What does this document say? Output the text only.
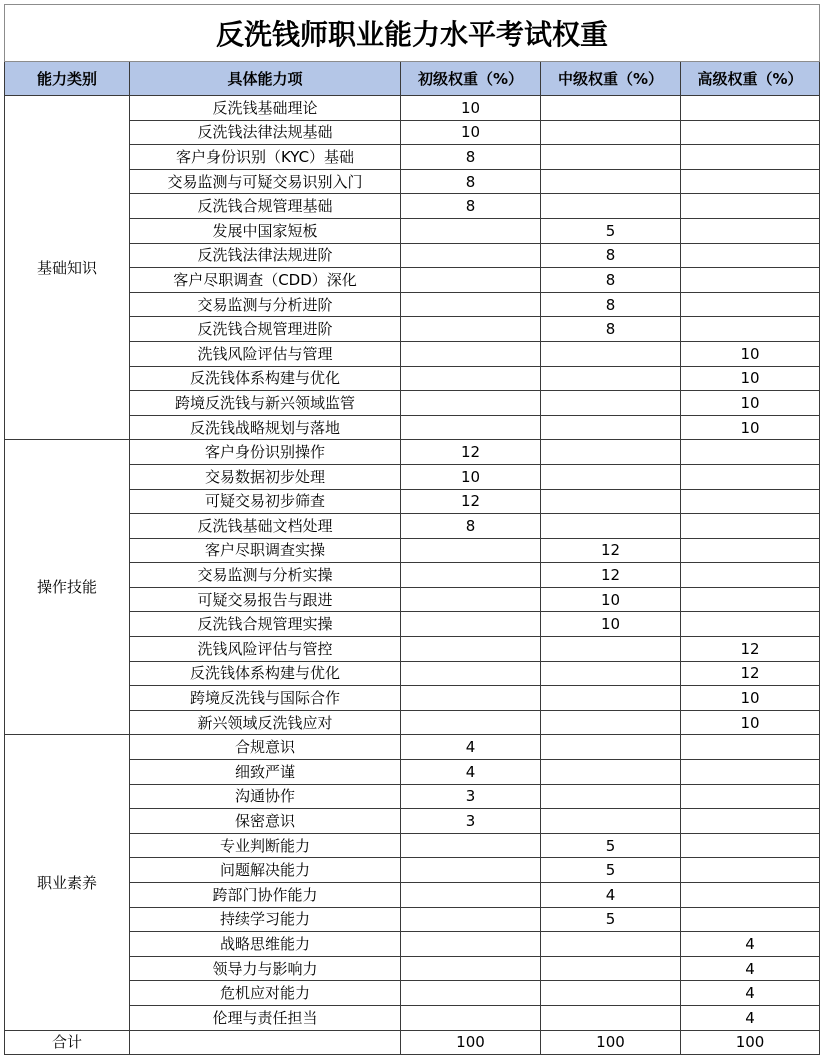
反洗钱师职业能力水平考试权重				
能力类别	具体能力项	初级权重（%）	中级权重（%）	高级权重（%）
基础知识	反洗钱基础理论	10		
	反洗钱法律法规基础	10		
	客户身份识别（KYC）基础	8		
	交易监测与可疑交易识别入门	8		
	反洗钱合规管理基础	8		
	发展中国家短板		5	
	反洗钱法律法规进阶		8	
	客户尽职调查（CDD）深化		8	
	交易监测与分析进阶		8	
	反洗钱合规管理进阶		8	
	洗钱风险评估与管理			10
	反洗钱体系构建与优化			10
	跨境反洗钱与新兴领域监管			10
	反洗钱战略规划与落地			10
操作技能	客户身份识别操作	12		
	交易数据初步处理	10		
	可疑交易初步筛查	12		
	反洗钱基础文档处理	8		
	客户尽职调查实操		12	
	交易监测与分析实操		12	
	可疑交易报告与跟进		10	
	反洗钱合规管理实操		10	
	洗钱风险评估与管控			12
	反洗钱体系构建与优化			12
	跨境反洗钱与国际合作			10
	新兴领域反洗钱应对			10
职业素养	合规意识	4		
	细致严谨	4		
	沟通协作	3		
	保密意识	3		
	专业判断能力		5	
	问题解决能力		5	
	跨部门协作能力		4	
	持续学习能力		5	
	战略思维能力			4
	领导力与影响力			4
	危机应对能力			4
	伦理与责任担当			4
合计		100	100	100
